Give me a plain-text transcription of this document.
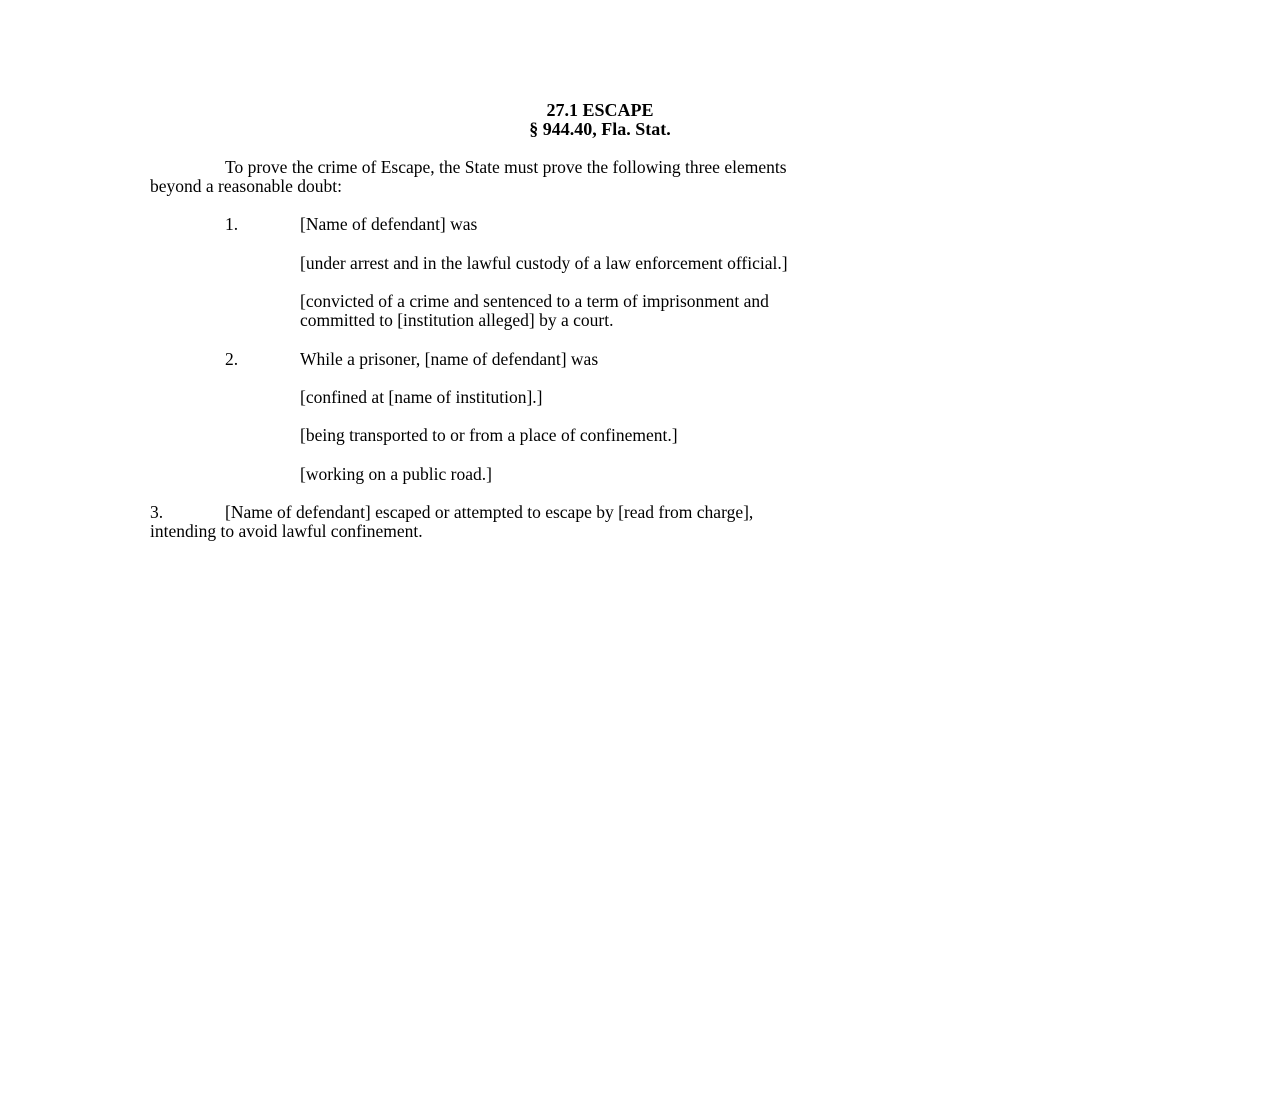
27.1 ESCAPE
§ 944.40, Fla. Stat.
To prove the crime of Escape, the State must prove the following three elements
beyond a reasonable doubt:
1.	[Name of defendant] was
[under arrest and in the lawful custody of a law enforcement official.]
[convicted of a crime and sentenced to a term of imprisonment and
committed to [institution alleged] by a court.
2.	While a prisoner, [name of defendant] was
[confined at [name of institution].]
[being transported to or from a place of confinement.]
[working on a public road.]
3.	[Name of defendant] escaped or attempted to escape by [read from charge],
intending to avoid lawful confinement.
